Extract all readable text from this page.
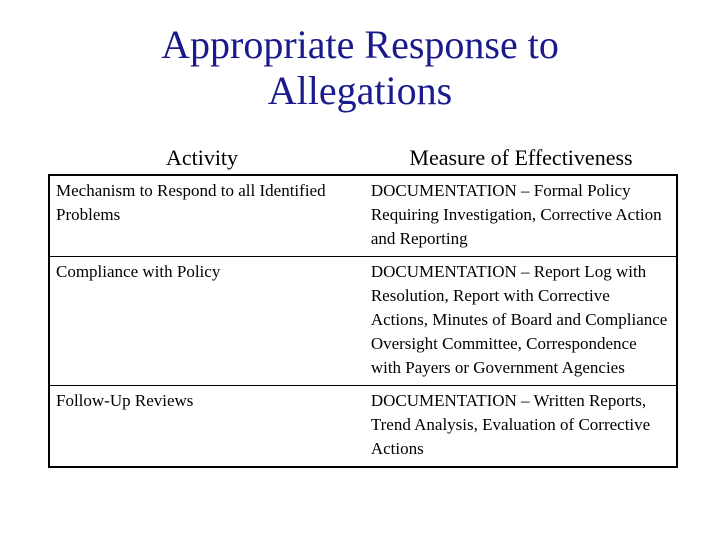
Appropriate Response to
Allegations
Activity	Measure of Effectiveness
Mechanism to Respond to all Identified Problems	DOCUMENTATION – Formal Policy Requiring Investigation, Corrective Action and Reporting
Compliance with Policy	DOCUMENTATION – Report Log with Resolution, Report with Corrective Actions, Minutes of Board and Compliance Oversight Committee, Correspondence with Payers or Government Agencies
Follow-Up Reviews	DOCUMENTATION – Written Reports, Trend Analysis, Evaluation of Corrective Actions
